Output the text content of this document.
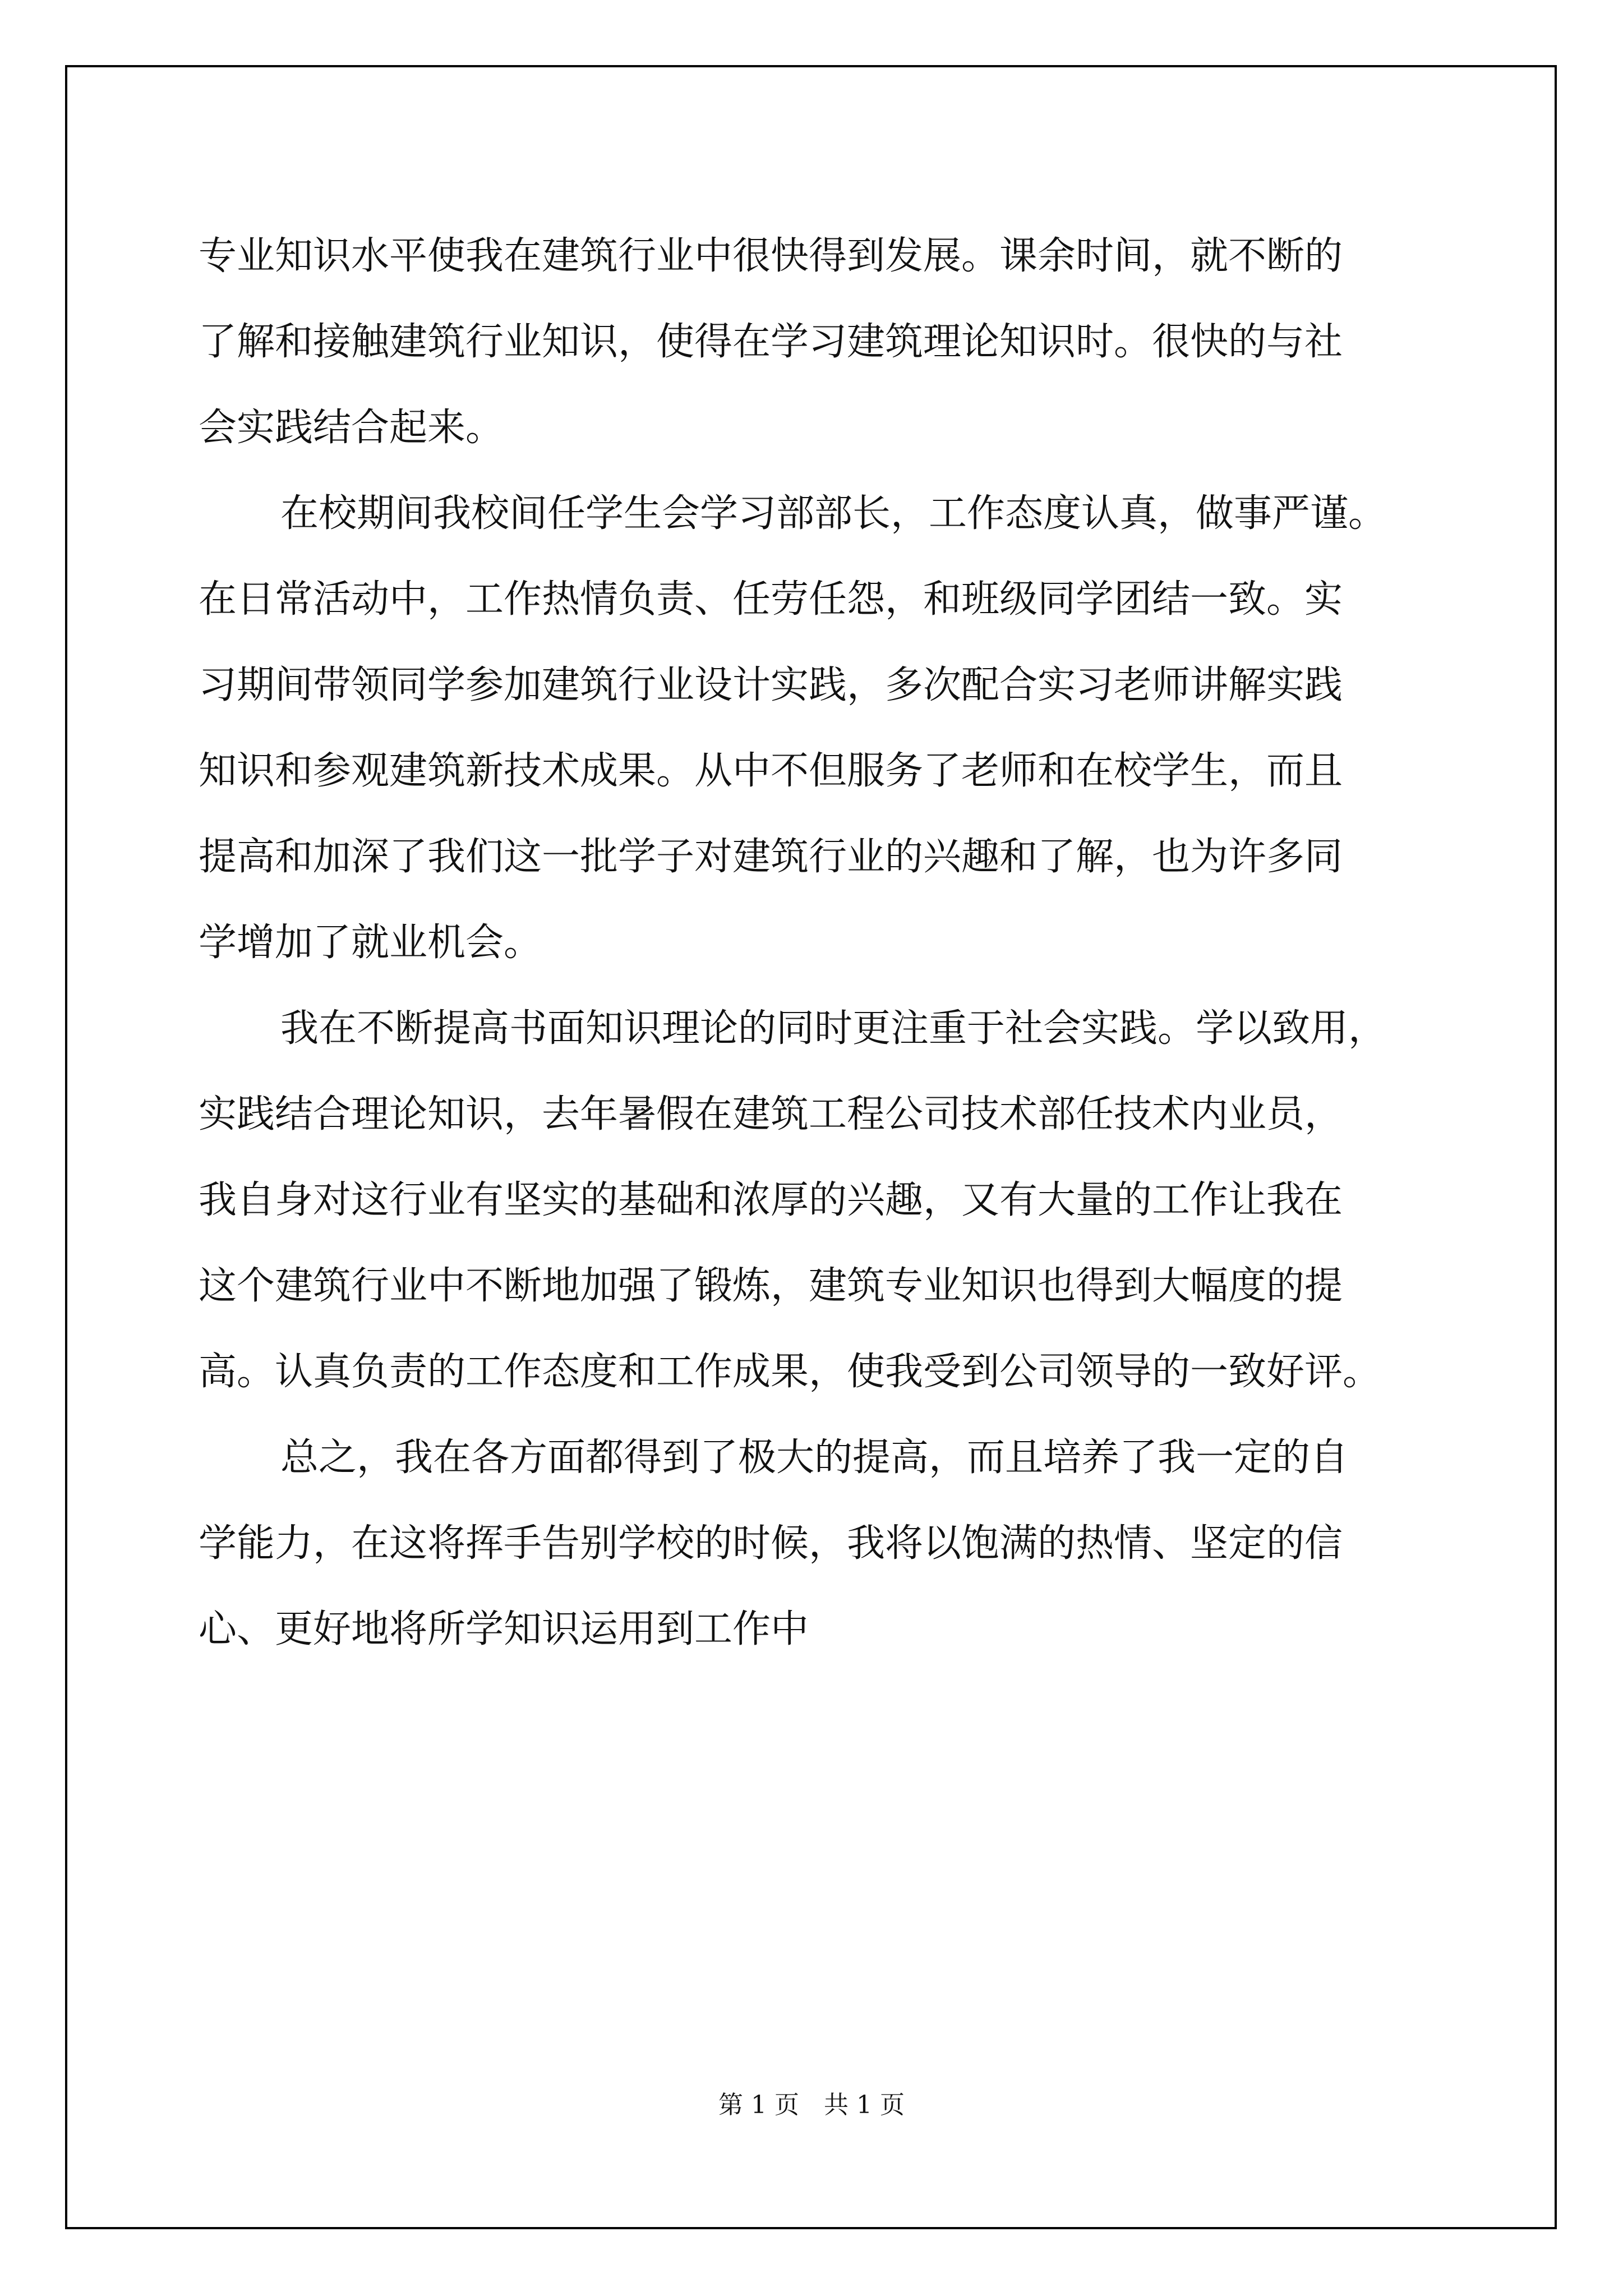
专业知识水平使我在建筑行业中很快得到发展。课余时间，就不断的
了解和接触建筑行业知识，使得在学习建筑理论知识时。很快的与社
会实践结合起来。
在校期间我校间任学生会学习部部长，工作态度认真，做事严谨。
在日常活动中，工作热情负责、任劳任怨，和班级同学团结一致。实
习期间带领同学参加建筑行业设计实践，多次配合实习老师讲解实践
知识和参观建筑新技术成果。从中不但服务了老师和在校学生，而且
提高和加深了我们这一批学子对建筑行业的兴趣和了解，也为许多同
学增加了就业机会。
我在不断提高书面知识理论的同时更注重于社会实践。学以致用，
实践结合理论知识，去年暑假在建筑工程公司技术部任技术内业员，
我自身对这行业有坚实的基础和浓厚的兴趣，又有大量的工作让我在
这个建筑行业中不断地加强了锻炼，建筑专业知识也得到大幅度的提
高。认真负责的工作态度和工作成果，使我受到公司领导的一致好评。
总之，我在各方面都得到了极大的提高，而且培养了我一定的自
学能力，在这将挥手告别学校的时候，我将以饱满的热情、坚定的信
心、更好地将所学知识运用到工作中
第 1 页　共 1 页
